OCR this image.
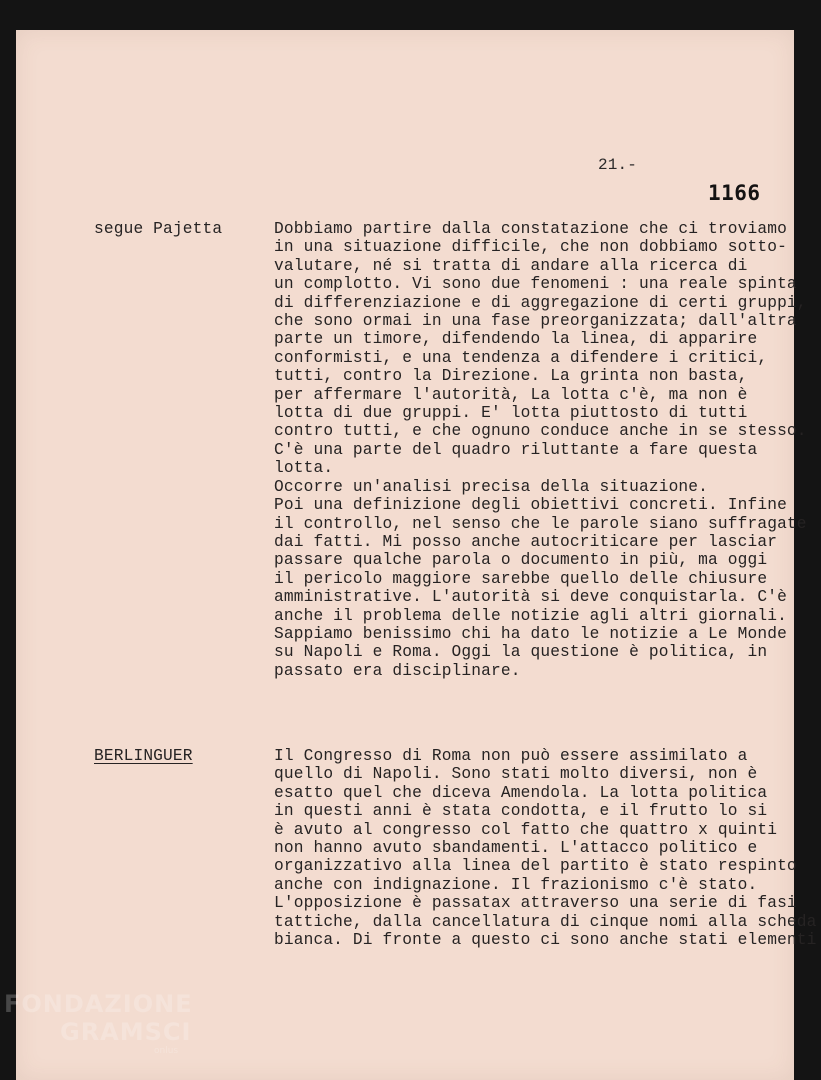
21.-
1166
segue Pajetta	Dobbiamo partire dalla constatazione che ci troviamo
in una situazione difficile, che non dobbiamo sotto-
valutare, né si tratta di andare alla ricerca di
un complotto. Vi sono due fenomeni : una reale spinta
di differenziazione e di aggregazione di certi gruppi,
che sono ormai in una fase preorganizzata; dall'altra
parte un timore, difendendo la linea, di apparire
conformisti, e una tendenza a difendere i critici,
tutti, contro la Direzione. La grinta non basta,
per affermare l'autorità, La lotta c'è, ma non è
lotta di due gruppi. E' lotta piuttosto di tutti
contro tutti, e che ognuno conduce anche in se stesso.
C'è una parte del quadro riluttante a fare questa
lotta.
Occorre un'analisi precisa della situazione.
Poi una definizione degli obiettivi concreti. Infine
il controllo, nel senso che le parole siano suffragate
dai fatti. Mi posso anche autocriticare per lasciar
passare qualche parola o documento in più, ma oggi
il pericolo maggiore sarebbe quello delle chiusure
amministrative. L'autorità si deve conquistarla. C'è
anche il problema delle notizie agli altri giornali.
Sappiamo benissimo chi ha dato le notizie a Le Monde
su Napoli e Roma. Oggi la questione è politica, in
passato era disciplinare.
BERLINGUER	Il Congresso di Roma non può essere assimilato a
quello di Napoli. Sono stati molto diversi, non è
esatto quel che diceva Amendola. La lotta politica
in questi anni è stata condotta, e il frutto lo si
è avuto al congresso col fatto che quattro x quinti
non hanno avuto sbandamenti. L'attacco politico e
organizzativo alla linea del partito è stato respinto
anche con indignazione. Il frazionismo c'è stato.
L'opposizione è passatax attraverso una serie di fasi
tattiche, dalla cancellatura di cinque nomi alla scheda
bianca. Di fronte a questo ci sono anche stati elementi
FONDAZIONE
GRAMSCI
onlus
